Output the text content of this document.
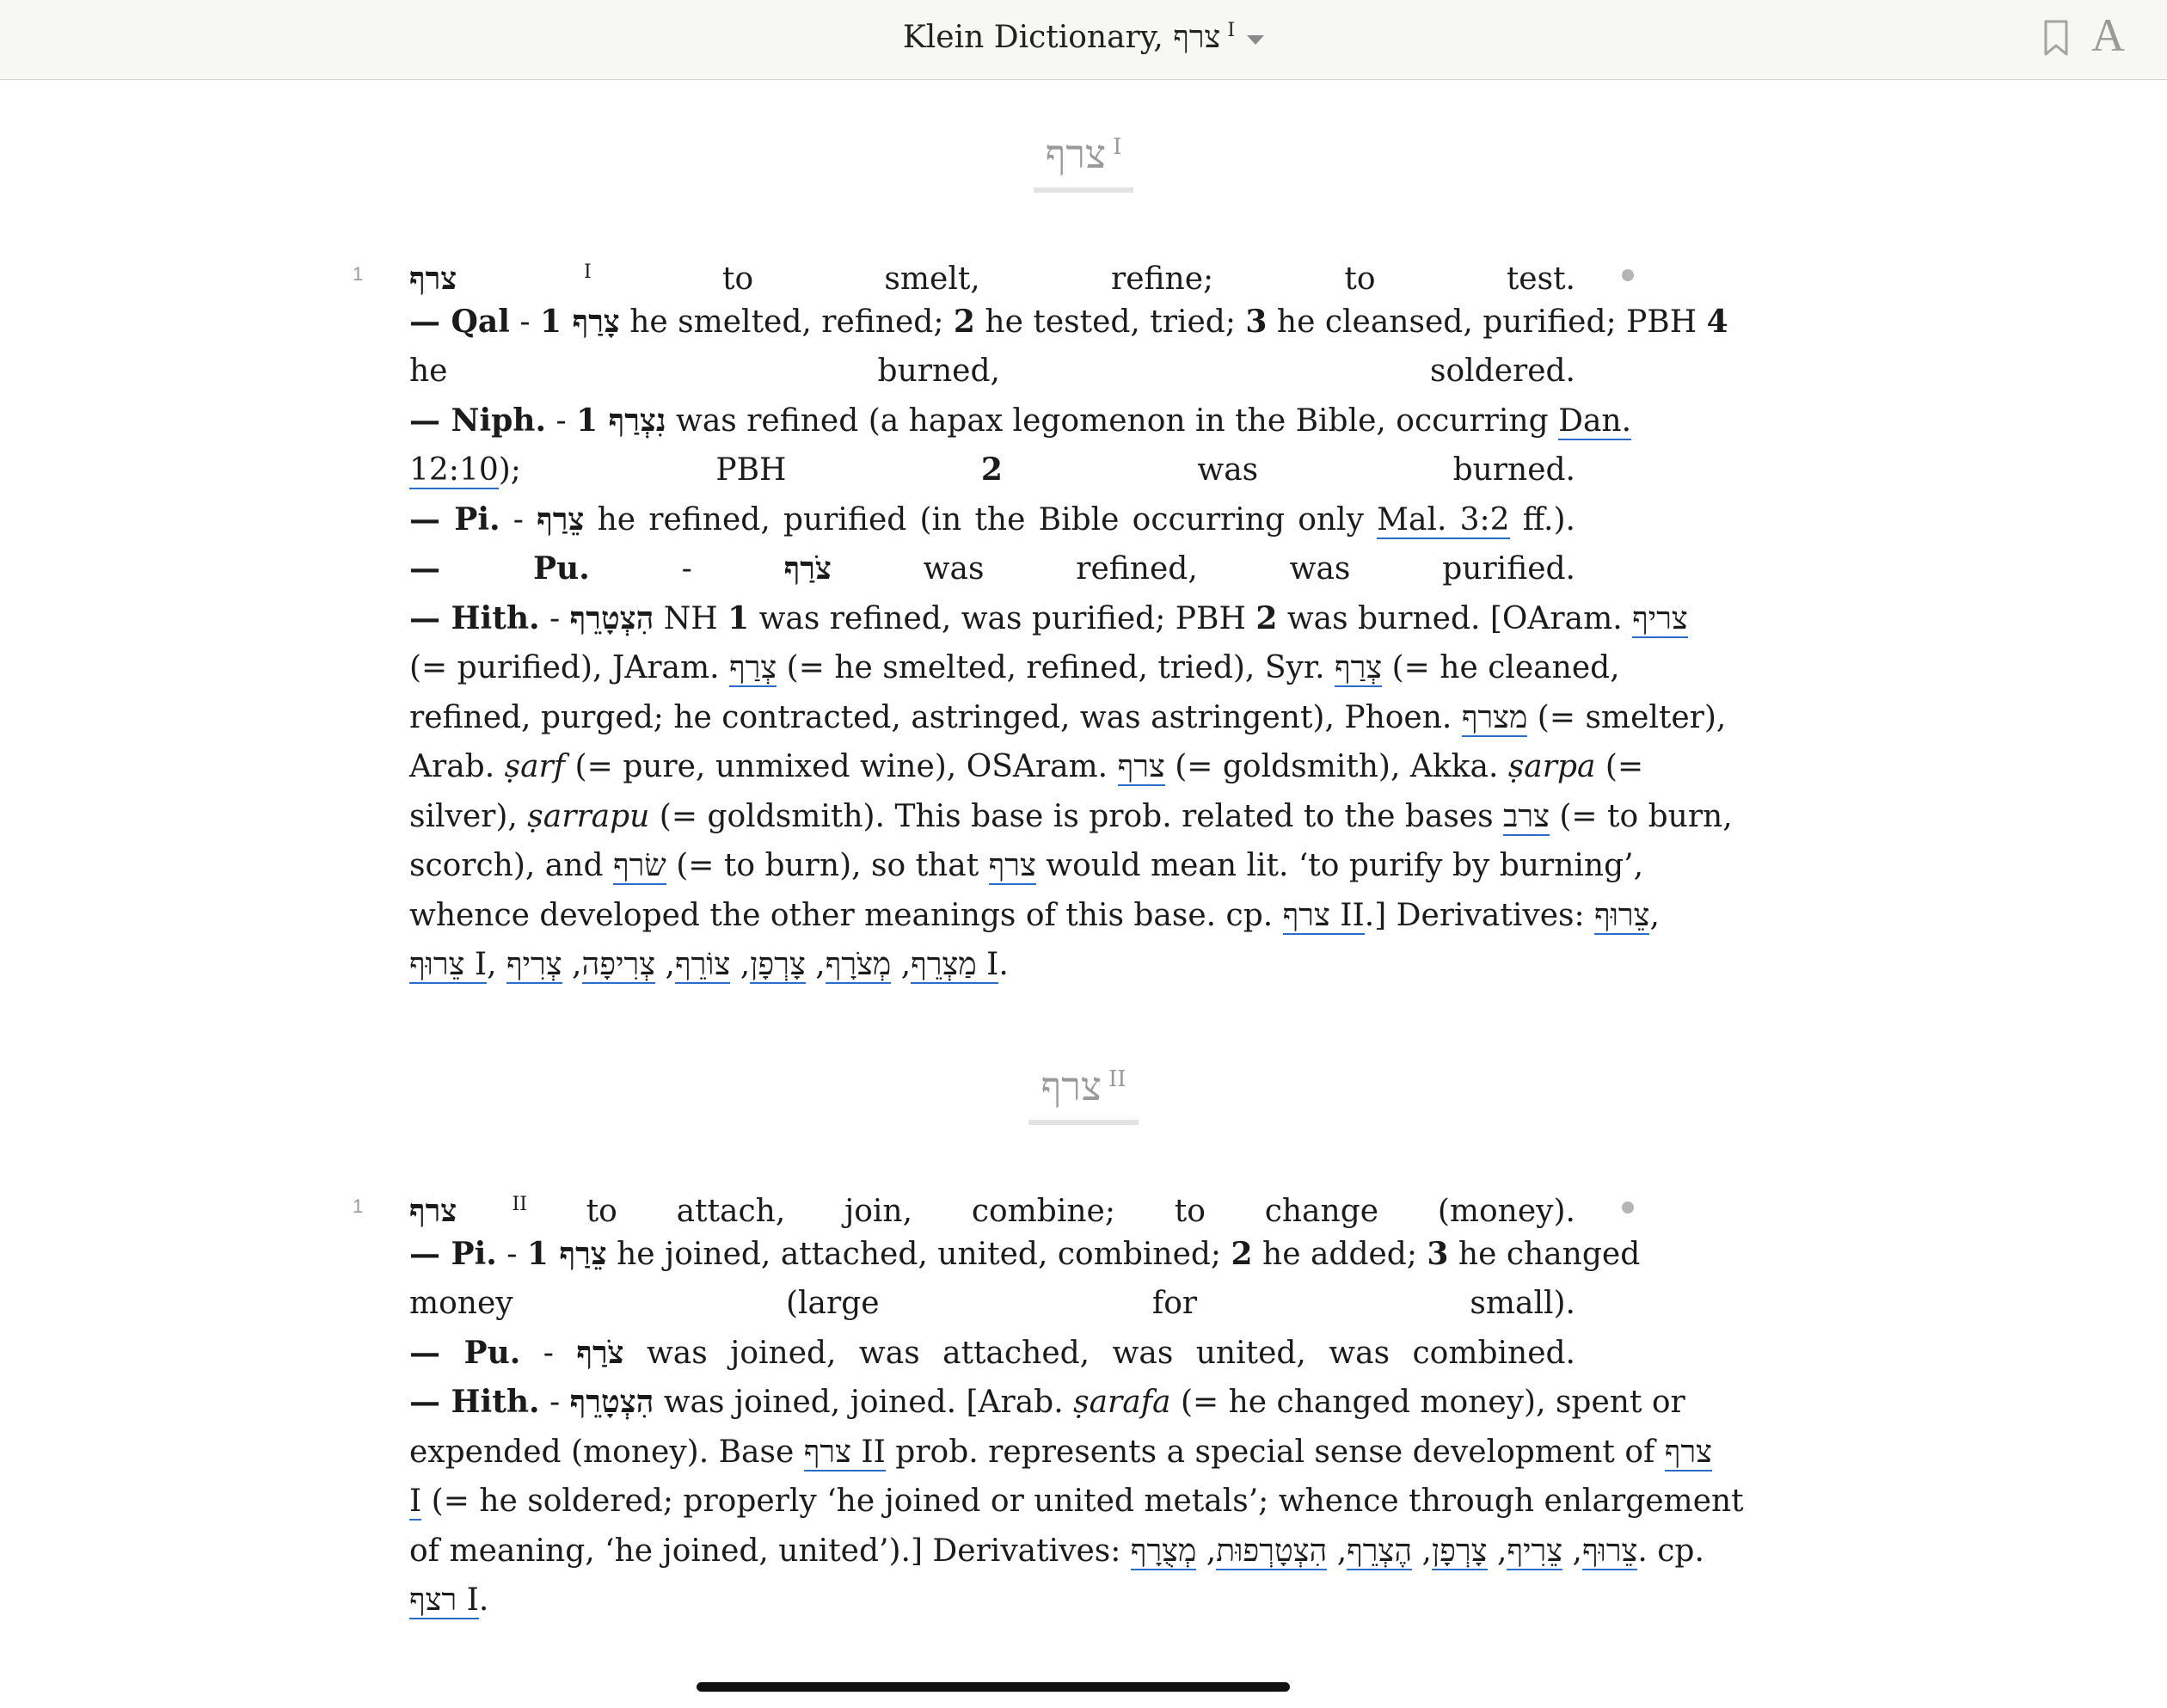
Klein Dictionary, צרף $^I$	A
צרף $^I$
1 צרף $^I$ to smelt, refine; to test.
— Qal - 1 צָרַף he smelted, refined; 2 he tested, tried; 3 he cleansed, purified; PBH 4
he burned, soldered.
— Niph. - 1 נִצְרַף was refined (a hapax legomenon in the Bible, occurring Dan.
12:10); PBH 2 was burned.
— Pi. - צֵרַף he refined, purified (in the Bible occurring only Mal. 3:2 ff.).
— Pu. - צֹרַף was refined, was purified.
— Hith. - הִצְטָרֵף NH 1 was refined, was purified; PBH 2 was burned. [OAram. צריף
(= purified), JAram. צְרַף (= he smelted, refined, tried), Syr. צְרַף (= he cleaned,
refined, purged; he contracted, astringed, was astringent), Phoen. מצרף (= smelter),
Arab. ṣarf (= pure, unmixed wine), OSAram. צרף (= goldsmith), Akka. ṣarpa (=
silver), ṣarrapu (= goldsmith). This base is prob. related to the bases צרב (= to burn,
scorch), and שׂרף (= to burn), so that צרף would mean lit. ‘to purify by burning’,
whence developed the other meanings of this base. cp. צרף II.] Derivatives: צֵרוּף,
צֵרוּף I,	מַצְרֵף, מְצֹרָף, צָרְפָן, צוֹרֵף, צְרִיפָה, צְרִיף I.
צרף $^{II}$
1 צרף $^{II}$ to attach, join, combine; to change (money).
— Pi. - 1 צֵרַף he joined, attached, united, combined; 2 he added; 3 he changed
money (large for small).
— Pu. - צֹרַף was joined, was attached, was united, was combined.
— Hith. - הִצְטָרֵף was joined, joined. [Arab. ṣarafa (= he changed money), spent or
expended (money). Base צרף II prob. represents a special sense development of צרף
I (= he soldered; properly ‘he joined or united metals’; whence through enlargement
of meaning, ‘he joined, united’).] Derivatives:	צֵרוּף, צֵרִיף, צָרְפָן, הֶצְרֵף, הִצְטָרְפוּת, מְצֻרָף	. cp.
רצף I.
